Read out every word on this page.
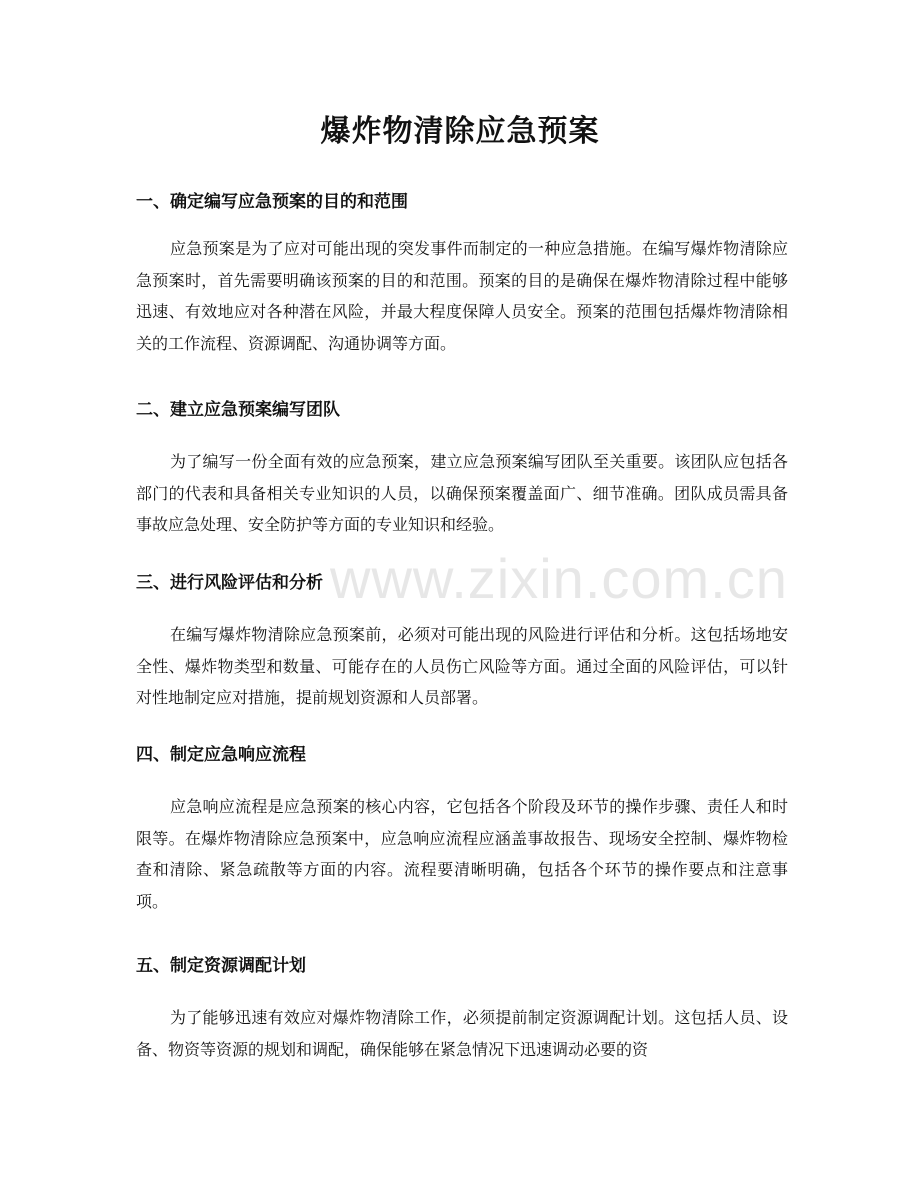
爆炸物清除应急预案
www.zixin.com.cn
一、确定编写应急预案的目的和范围
应急预案是为了应对可能出现的突发事件而制定的一种应急措施。在编写爆炸物清除应急预案时，首先需要明确该预案的目的和范围。预案的目的是确保在爆炸物清除过程中能够迅速、有效地应对各种潜在风险，并最大程度保障人员安全。预案的范围包括爆炸物清除相关的工作流程、资源调配、沟通协调等方面。
二、建立应急预案编写团队
为了编写一份全面有效的应急预案，建立应急预案编写团队至关重要。该团队应包括各部门的代表和具备相关专业知识的人员，以确保预案覆盖面广、细节准确。团队成员需具备事故应急处理、安全防护等方面的专业知识和经验。
三、进行风险评估和分析
在编写爆炸物清除应急预案前，必须对可能出现的风险进行评估和分析。这包括场地安全性、爆炸物类型和数量、可能存在的人员伤亡风险等方面。通过全面的风险评估，可以针对性地制定应对措施，提前规划资源和人员部署。
四、制定应急响应流程
应急响应流程是应急预案的核心内容，它包括各个阶段及环节的操作步骤、责任人和时限等。在爆炸物清除应急预案中，应急响应流程应涵盖事故报告、现场安全控制、爆炸物检查和清除、紧急疏散等方面的内容。流程要清晰明确，包括各个环节的操作要点和注意事项。
五、制定资源调配计划
为了能够迅速有效应对爆炸物清除工作，必须提前制定资源调配计划。这包括人员、设备、物资等资源的规划和调配，确保能够在紧急情况下迅速调动必要的资
